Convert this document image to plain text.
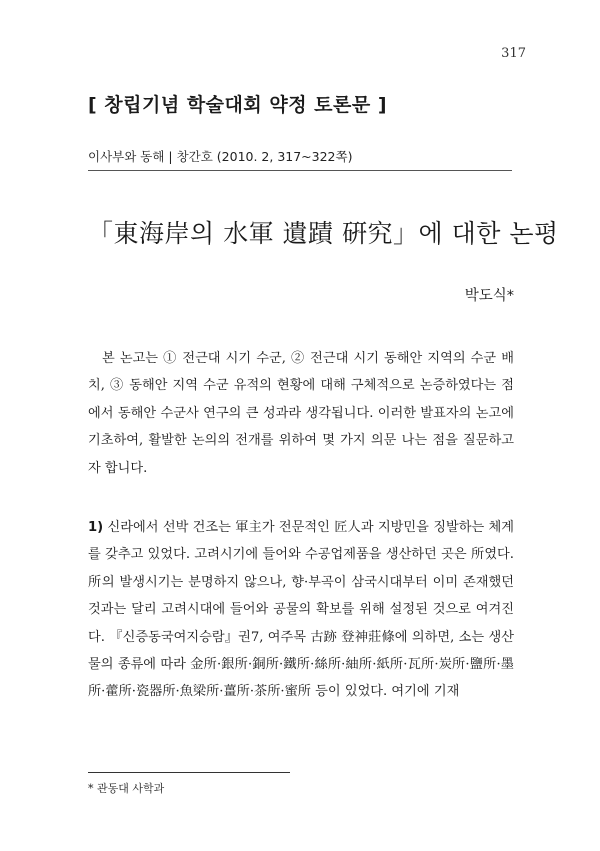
317
[ 창립기념 학술대회 약정 토론문 ]
이사부와 동해 | 창간호 (2010. 2, 317~322쪽)
「東海岸의 水軍 遺蹟 硏究」에 대한 논평
박도식*

본 논고는 ① 전근대 시기 수군, ② 전근대 시기 동해안 지역의 수군 배치, ③ 동해안 지역 수군 유적의 현황에 대해 구체적으로 논증하였다는 점에서 동해안 수군사 연구의 큰 성과라 생각됩니다. 이러한 발표자의 논고에 기초하여, 활발한 논의의 전개를 위하여 몇 가지 의문 나는 점을 질문하고자 합니다.

1) 신라에서 선박 건조는 軍主가 전문적인 匠人과 지방민을 징발하는 체계를 갖추고 있었다. 고려시기에 들어와 수공업제품을 생산하던 곳은 所였다. 所의 발생시기는 분명하지 않으나, 향·부곡이 삼국시대부터 이미 존재했던 것과는 달리 고려시대에 들어와 공물의 확보를 위해 설정된 것으로 여겨진다. 『신증동국여지승람』권7, 여주목 古跡 登神莊條에 의하면, 소는 생산물의 종류에 따라 金所·銀所·銅所·鐵所·絲所·紬所·紙所·瓦所·炭所·鹽所·墨所·藿所·瓷器所·魚梁所·薑所·茶所·蜜所 등이 있었다. 여기에 기재

* 관동대 사학과
